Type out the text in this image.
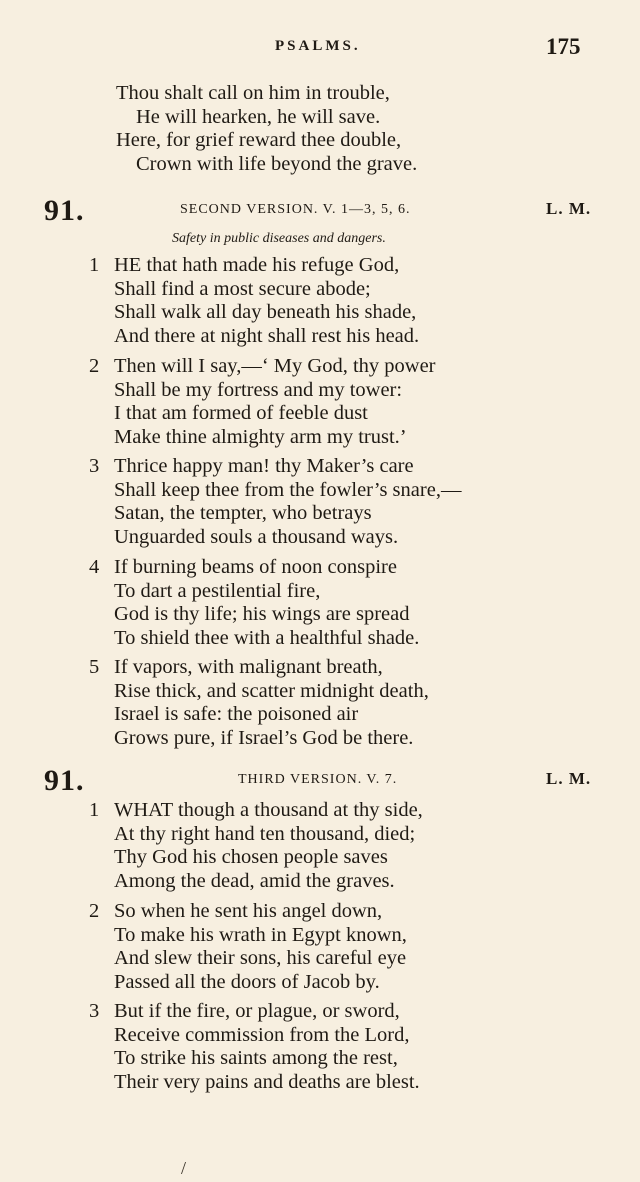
PSALMS.	175
Thou shalt call on him in trouble,
He will hearken, he will save.
Here, for grief reward thee double,
Crown with life beyond the grave.
91.	SECOND VERSION. V. 1—3, 5, 6.	L. M.
Safety in public diseases and dangers.
1 HE that hath made his refuge God,
Shall find a most secure abode;
Shall walk all day beneath his shade,
And there at night shall rest his head.
2 Then will I say,—‘ My God, thy power
Shall be my fortress and my tower:
I that am formed of feeble dust
Make thine almighty arm my trust.’
3 Thrice happy man! thy Maker’s care
Shall keep thee from the fowler’s snare,—
Satan, the tempter, who betrays
Unguarded souls a thousand ways.
4 If burning beams of noon conspire
To dart a pestilential fire,
God is thy life; his wings are spread
To shield thee with a healthful shade.
5 If vapors, with malignant breath,
Rise thick, and scatter midnight death,
Israel is safe: the poisoned air
Grows pure, if Israel’s God be there.
91.	THIRD VERSION. V. 7.	L. M.
1 WHAT though a thousand at thy side,
At thy right hand ten thousand, died;
Thy God his chosen people saves
Among the dead, amid the graves.
2 So when he sent his angel down,
To make his wrath in Egypt known,
And slew their sons, his careful eye
Passed all the doors of Jacob by.
3 But if the fire, or plague, or sword,
Receive commission from the Lord,
To strike his saints among the rest,
Their very pains and deaths are blest.
/
